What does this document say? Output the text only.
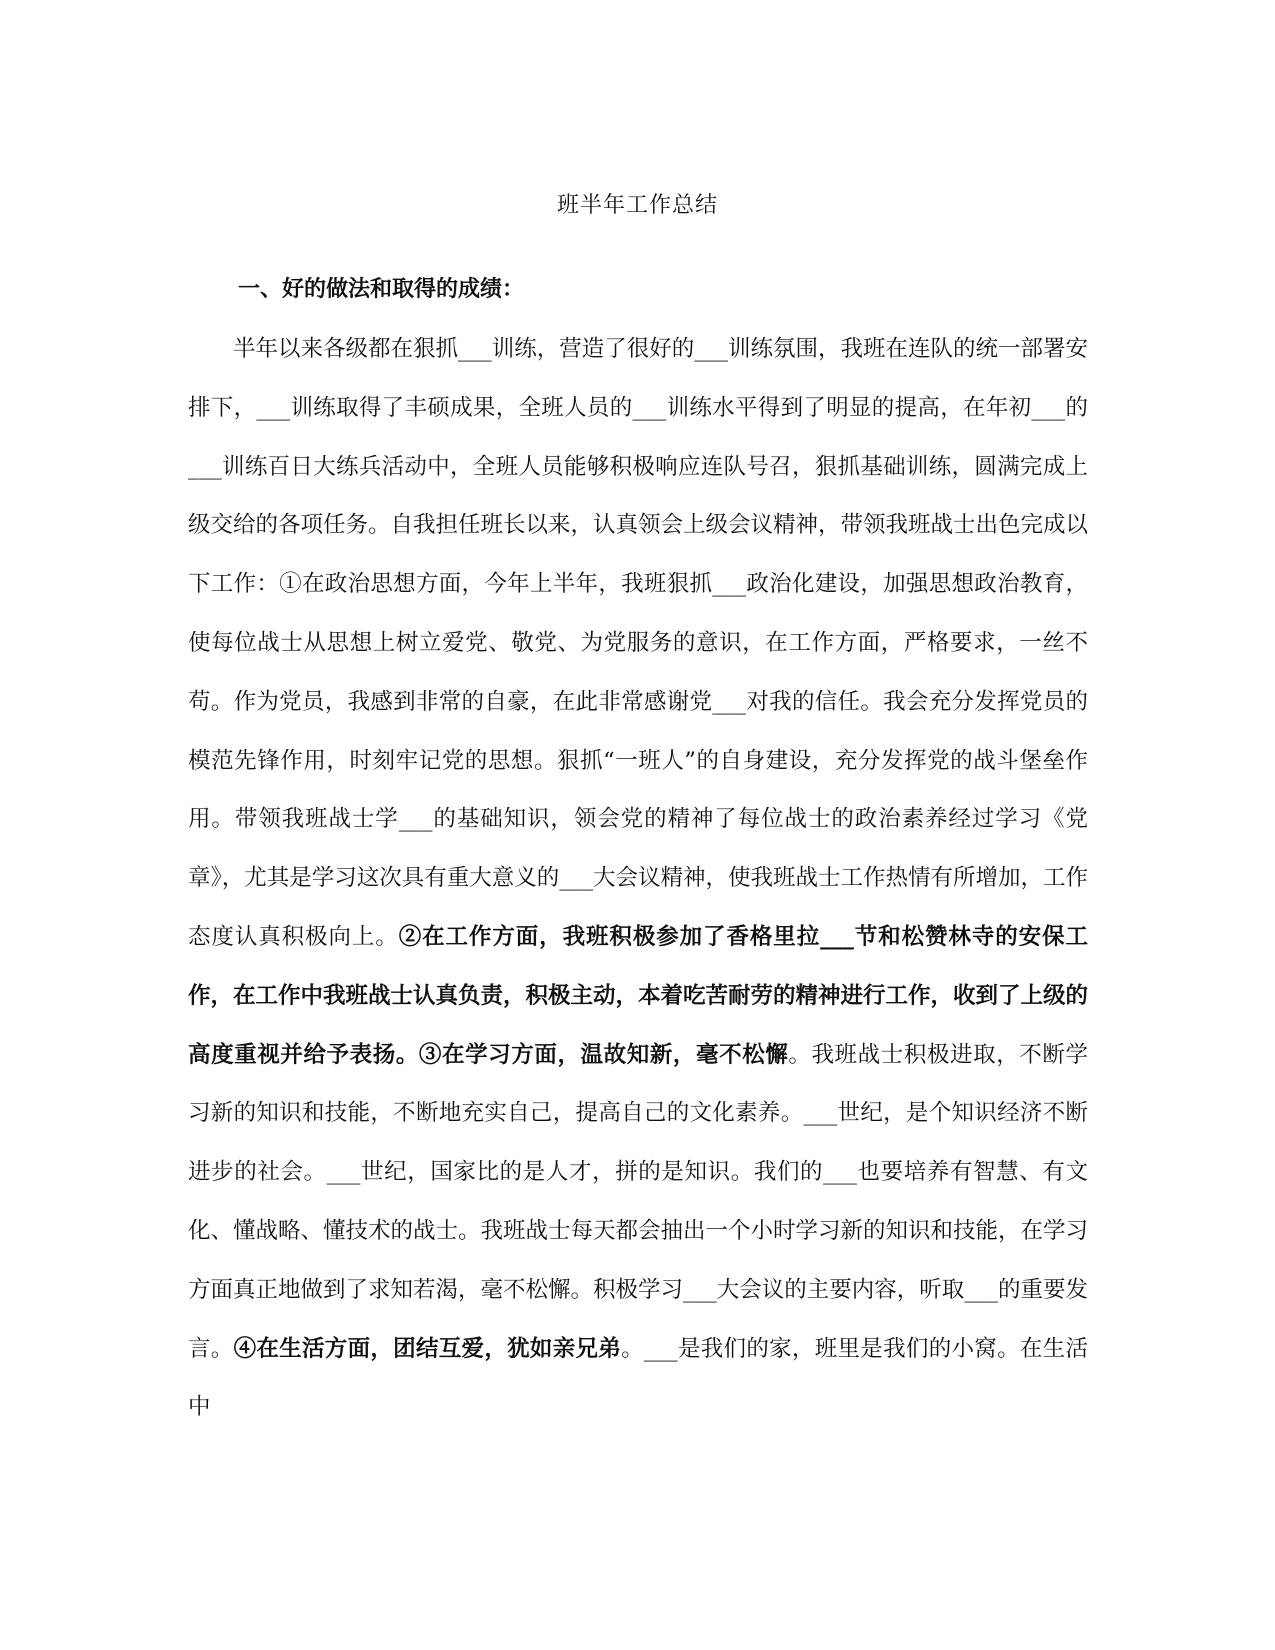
班半年工作总结
一、好的做法和取得的成绩：

半年以来各级都在狠抓___训练，营造了很好的___训练氛围，我班在连队的统一部署安排下，___训练取得了丰硕成果，全班人员的___训练水平得到了明显的提高，在年初___的___训练百日大练兵活动中，全班人员能够积极响应连队号召，狠抓基础训练，圆满完成上级交给的各项任务。自我担任班长以来，认真领会上级会议精神，带领我班战士出色完成以下工作：①在政治思想方面，今年上半年，我班狠抓___政治化建设，加强思想政治教育，使每位战士从思想上树立爱党、敬党、为党服务的意识，在工作方面，严格要求，一丝不苟。作为党员，我感到非常的自豪，在此非常感谢党___对我的信任。我会充分发挥党员的模范先锋作用，时刻牢记党的思想。狠抓“一班人”的自身建设，充分发挥党的战斗堡垒作用。带领我班战士学___的基础知识，领会党的精神了每位战士的政治素养经过学习《党章》，尤其是学习这次具有重大意义的___大会议精神，使我班战士工作热情有所增加，工作态度认真积极向上。②在工作方面，我班积极参加了香格里拉___节和松赞林寺的安保工作，在工作中我班战士认真负责，积极主动，本着吃苦耐劳的精神进行工作，收到了上级的高度重视并给予表扬。③在学习方面，温故知新，毫不松懈。我班战士积极进取，不断学习新的知识和技能，不断地充实自己，提高自己的文化素养。___世纪，是个知识经济不断进步的社会。___世纪，国家比的是人才，拼的是知识。我们的___也要培养有智慧、有文化、懂战略、懂技术的战士。我班战士每天都会抽出一个小时学习新的知识和技能，在学习方面真正地做到了求知若渴，毫不松懈。积极学习___大会议的主要内容，听取___的重要发言。④在生活方面，团结互爱，犹如亲兄弟。___是我们的家，班里是我们的小窝。在生活中
